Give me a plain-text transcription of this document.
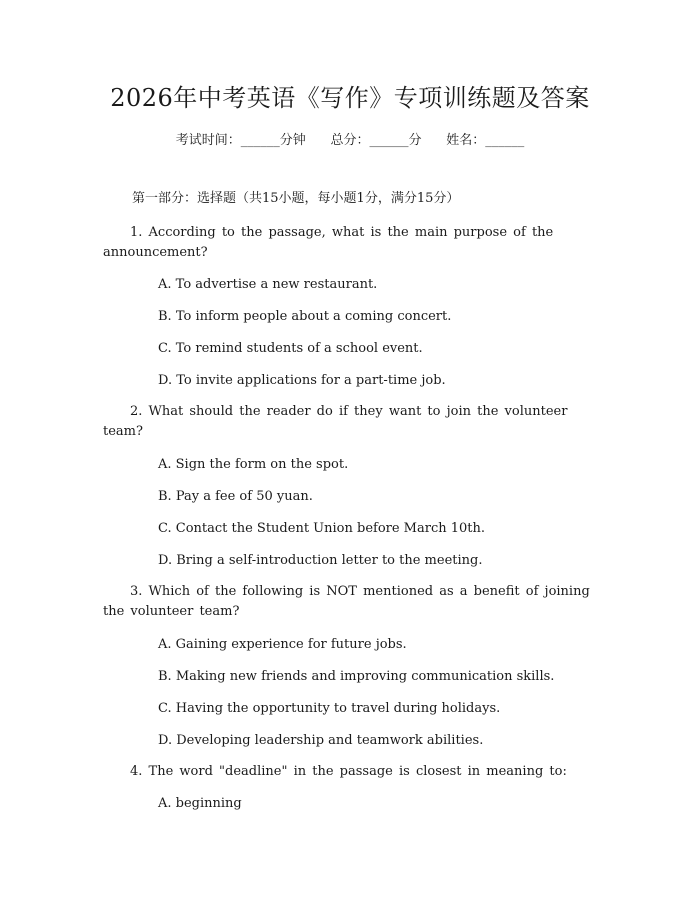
2026年中考英语《写作》专项训练题及答案
考试时间：______分钟      总分：______分      姓名：______
第一部分：选择题（共15小题，每小题1分，满分15分）
1. According to the passage, what is the main purpose of the announcement?
A. To advertise a new restaurant.
B. To inform people about a coming concert.
C. To remind students of a school event.
D. To invite applications for a part-time job.
2. What should the reader do if they want to join the volunteer team?
A. Sign the form on the spot.
B. Pay a fee of 50 yuan.
C. Contact the Student Union before March 10th.
D. Bring a self-introduction letter to the meeting.
3. Which of the following is NOT mentioned as a benefit of joining the volunteer team?
A. Gaining experience for future jobs.
B. Making new friends and improving communication skills.
C. Having the opportunity to travel during holidays.
D. Developing leadership and teamwork abilities.
4. The word "deadline" in the passage is closest in meaning to:
A. beginning
